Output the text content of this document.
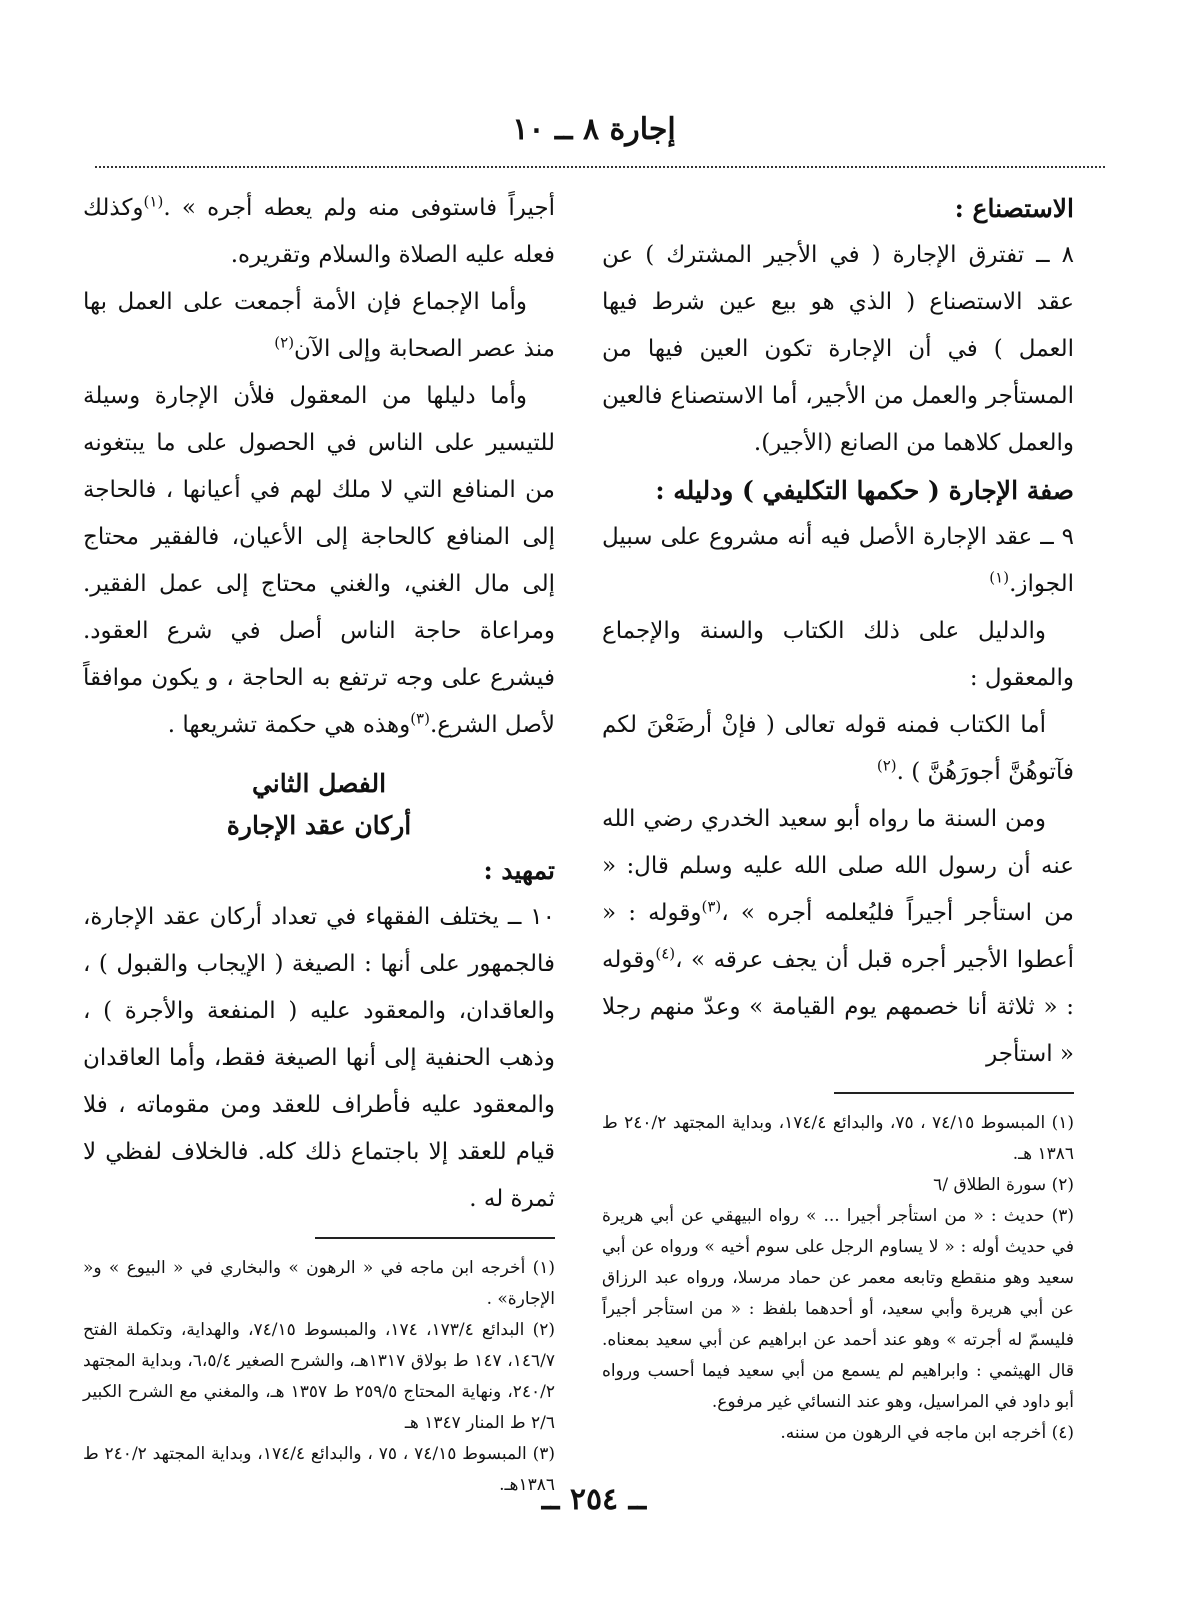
إجارة ٨ ــ ١٠

الاستصناع :

٨ ــ تفترق الإجارة ( في الأجير المشترك ) عن عقد الاستصناع ( الذي هو بيع عين شرط فيها العمل ) في أن الإجارة تكون العين فيها من المستأجر والعمل من الأجير، أما الاستصناع فالعين والعمل كلاهما من الصانع (الأجير).

صفة الإجارة ( حكمها التكليفي ) ودليله :

٩ ــ عقد الإجارة الأصل فيه أنه مشروع على سبيل الجواز.$^{(١)}$

والدليل على ذلك الكتاب والسنة والإجماع والمعقول :

أما الكتاب فمنه قوله تعالى ( فإنْ أرضَعْنَ لكم فآتوهُنَّ أجورَهُنَّ ) .$^{(٢)}$

ومن السنة ما رواه أبو سعيد الخدري رضي الله عنه أن رسول الله صلى الله عليه وسلم قال: « من استأجر أجيراً فليُعلمه أجره » ،$^{(٣)}$وقوله : « أعطوا الأجير أجره قبل أن يجف عرقه » ،$^{(٤)}$وقوله : « ثلاثة أنا خصمهم يوم القيامة » وعدّ منهم رجلا « استأجر

(١) المبسوط ٧٤/١٥ ، ٧٥، والبدائع ١٧٤/٤، وبداية المجتهد ٢٤٠/٢ ط ١٣٨٦ هـ.

(٢) سورة الطلاق /٦

(٣) حديث : « من استأجر أجيرا ... » رواه البيهقي عن أبي هريرة في حديث أوله : « لا يساوم الرجل على سوم أخيه » ورواه عن أبي سعيد وهو منقطع وتابعه معمر عن حماد مرسلا، ورواه عبد الرزاق عن أبي هريرة وأبي سعيد، أو أحدهما بلفظ : « من استأجر أجيراً فليسمّ له أجرته » وهو عند أحمد عن ابراهيم عن أبي سعيد بمعناه. قال الهيثمي : وابراهيم لم يسمع من أبي سعيد فيما أحسب ورواه أبو داود في المراسيل، وهو عند النسائي غير مرفوع.

(٤) أخرجه ابن ماجه في الرهون من سننه.

أجيراً فاستوفى منه ولم يعطه أجره » .$^{(١)}$وكذلك فعله عليه الصلاة والسلام وتقريره.

وأما الإجماع فإن الأمة أجمعت على العمل بها منذ عصر الصحابة وإلى الآن$^{(٢)}$

وأما دليلها من المعقول فلأن الإجارة وسيلة للتيسير على الناس في الحصول على ما يبتغونه من المنافع التي لا ملك لهم في أعيانها ، فالحاجة إلى المنافع كالحاجة إلى الأعيان، فالفقير محتاج إلى مال الغني، والغني محتاج إلى عمل الفقير. ومراعاة حاجة الناس أصل في شرع العقود. فيشرع على وجه ترتفع به الحاجة ، و يكون موافقاً لأصل الشرع.$^{(٣)}$وهذه هي حكمة تشريعها .

الفصل الثاني

أركان عقد الإجارة

تمهيد :

١٠ ــ يختلف الفقهاء في تعداد أركان عقد الإجارة، فالجمهور على أنها : الصيغة ( الإيجاب والقبول ) ، والعاقدان، والمعقود عليه ( المنفعة والأجرة ) ، وذهب الحنفية إلى أنها الصيغة فقط، وأما العاقدان والمعقود عليه فأطراف للعقد ومن مقوماته ، فلا قيام للعقد إلا باجتماع ذلك كله. فالخلاف لفظي لا ثمرة له .

(١) أخرجه ابن ماجه في « الرهون » والبخاري في « البيوع » و« الإجارة» .

(٢) البدائع ١٧٣/٤، ١٧٤، والمبسوط ٧٤/١٥، والهداية، وتكملة الفتح ١٤٦/٧، ١٤٧ ط بولاق ١٣١٧هـ، والشرح الصغير ٦،٥/٤، وبداية المجتهد ٢٤٠/٢، ونهاية المحتاج ٢٥٩/٥ ط ١٣٥٧ هـ، والمغني مع الشرح الكبير ٢/٦ ط المنار ١٣٤٧ هـ

(٣) المبسوط ٧٤/١٥ ، ٧٥ ، والبدائع ١٧٤/٤، وبداية المجتهد ٢٤٠/٢ ط ١٣٨٦هـ.

ــ ٢٥٤ ــ
